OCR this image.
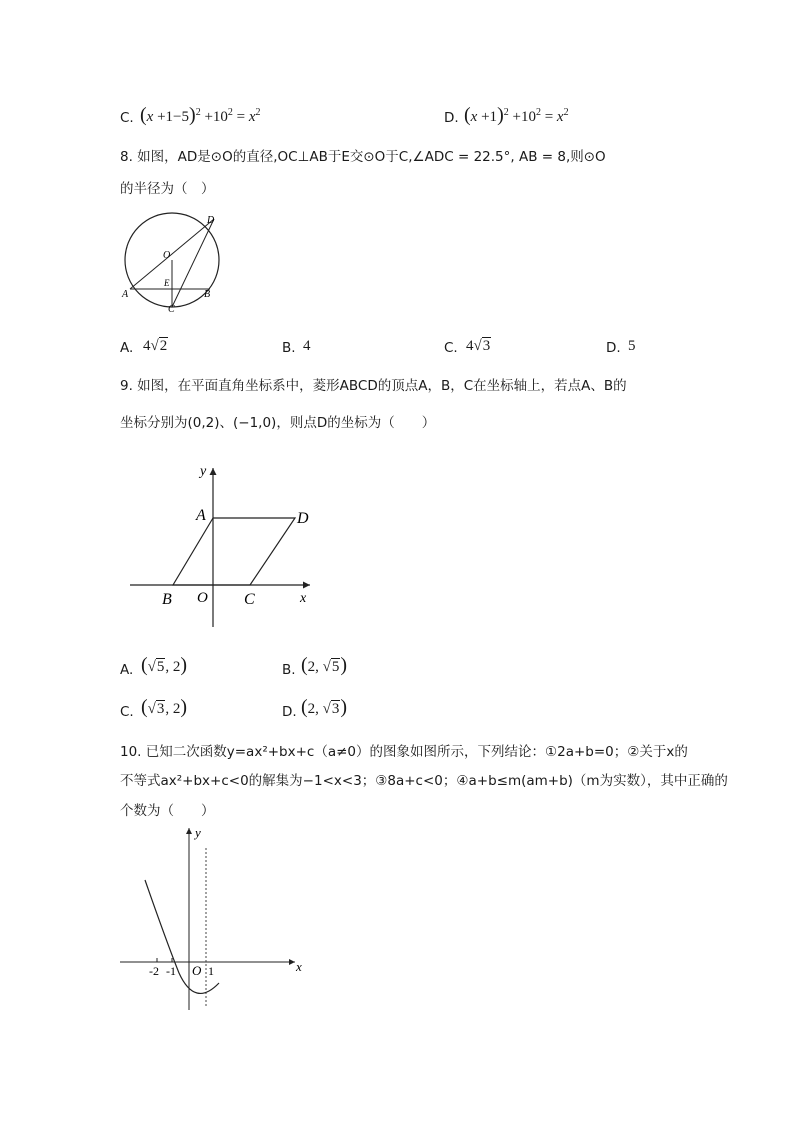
C. $(x +1-5)^2 +10^2 = x^2$	D. $(x +1)^2 +10^2 = x^2$
8. 如图，AD是⊙O的直径,OC⊥AB于E交⊙O于C,∠ADC = 22.5°, AB = 8,则⊙O
的半径为（　）
D
O
A
E
B
C
A. 4√2	B. 4	C. 4√3	D. 5
9. 如图，在平面直角坐标系中，菱形ABCD的顶点A，B，C在坐标轴上，若点A、B的
坐标分别为(0,2)、(−1,0)，则点D的坐标为（　　）
y
A	D
B O C	x
A. (√5, 2)	B. (2, √5)
C. (√3, 2)	D. (2, √3)
10. 已知二次函数y=ax²+bx+c（a≠0）的图象如图所示，下列结论：①2a+b=0；②关于x的
不等式ax²+bx+c<0的解集为−1<x<3；③8a+c<0；④a+b≤m(am+b)（m为实数），其中正确的
个数为（　　）
y
x
-2 -1 O 1
